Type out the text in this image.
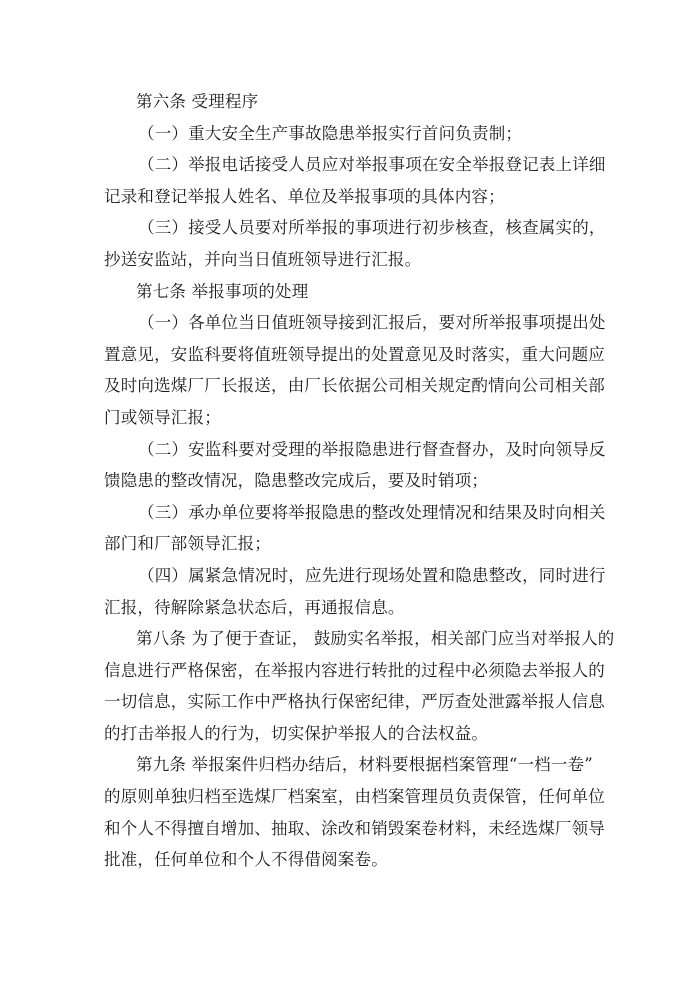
第六条 受理程序
（一）重大安全生产事故隐患举报实行首问负责制；
（二）举报电话接受人员应对举报事项在安全举报登记表上详细
记录和登记举报人姓名、单位及举报事项的具体内容；
（三）接受人员要对所举报的事项进行初步核查，核查属实的，
抄送安监站，并向当日值班领导进行汇报。
第七条 举报事项的处理
（一）各单位当日值班领导接到汇报后，要对所举报事项提出处
置意见，安监科要将值班领导提出的处置意见及时落实，重大问题应
及时向选煤厂厂长报送，由厂长依据公司相关规定酌情向公司相关部
门或领导汇报；
（二）安监科要对受理的举报隐患进行督查督办，及时向领导反
馈隐患的整改情况，隐患整改完成后，要及时销项；
（三）承办单位要将举报隐患的整改处理情况和结果及时向相关
部门和厂部领导汇报；
（四）属紧急情况时，应先进行现场处置和隐患整改，同时进行
汇报，待解除紧急状态后，再通报信息。
第八条 为了便于查证， 鼓励实名举报，相关部门应当对举报人的
信息进行严格保密，在举报内容进行转批的过程中必须隐去举报人的
一切信息，实际工作中严格执行保密纪律，严厉查处泄露举报人信息
的打击举报人的行为，切实保护举报人的合法权益。
第九条 举报案件归档办结后，材料要根据档案管理“一档一卷”
的原则单独归档至选煤厂档案室，由档案管理员负责保管，任何单位
和个人不得擅自增加、抽取、涂改和销毁案卷材料，未经选煤厂领导
批准，任何单位和个人不得借阅案卷。
